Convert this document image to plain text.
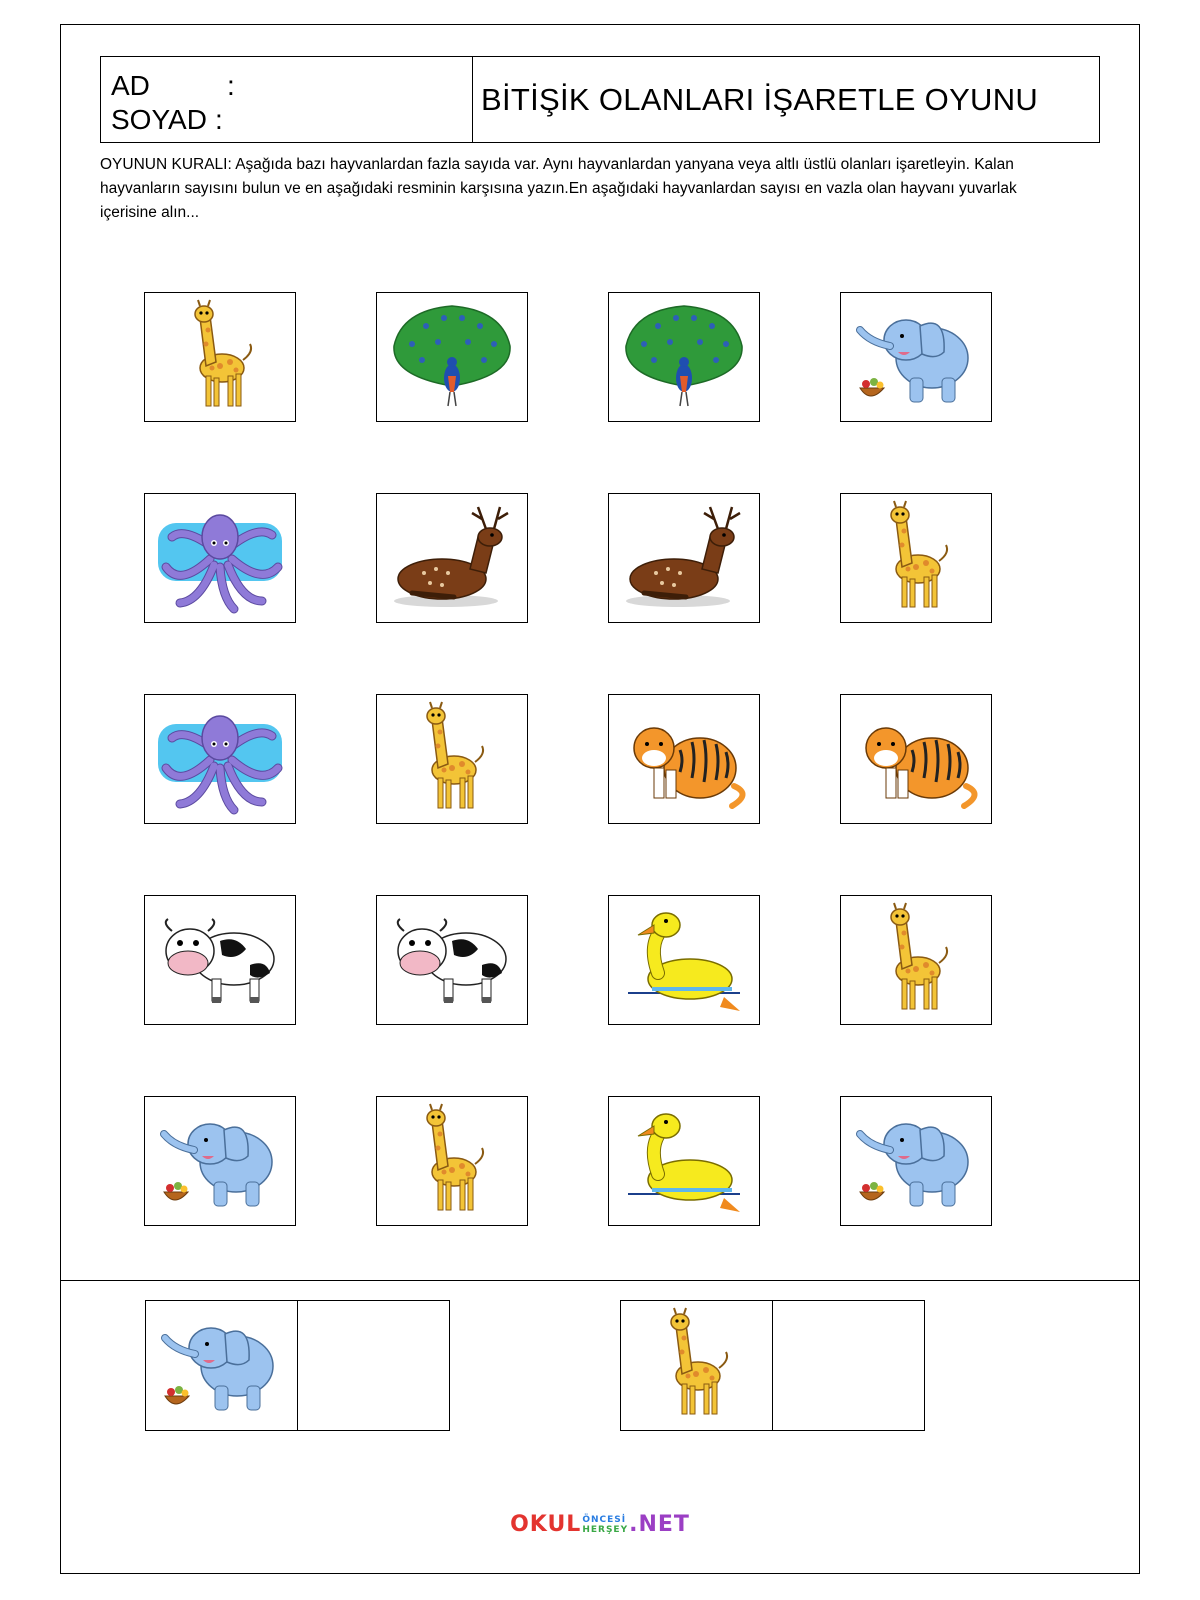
AD	:
SOYAD :
BİTİŞİK OLANLARI İŞARETLE OYUNU
OYUNUN KURALI: Aşağıda bazı hayvanlardan fazla sayıda var. Aynı hayvanlardan yanyana veya altlı üstlü olanları işaretleyin. Kalan hayvanların sayısını bulun ve en aşağıdaki resminin karşısına yazın.En aşağıdaki hayvanlardan sayısı en vazla olan hayvanı yuvarlak içerisine alın...
OKUL ÖNCESİ
HERŞEY .NET
